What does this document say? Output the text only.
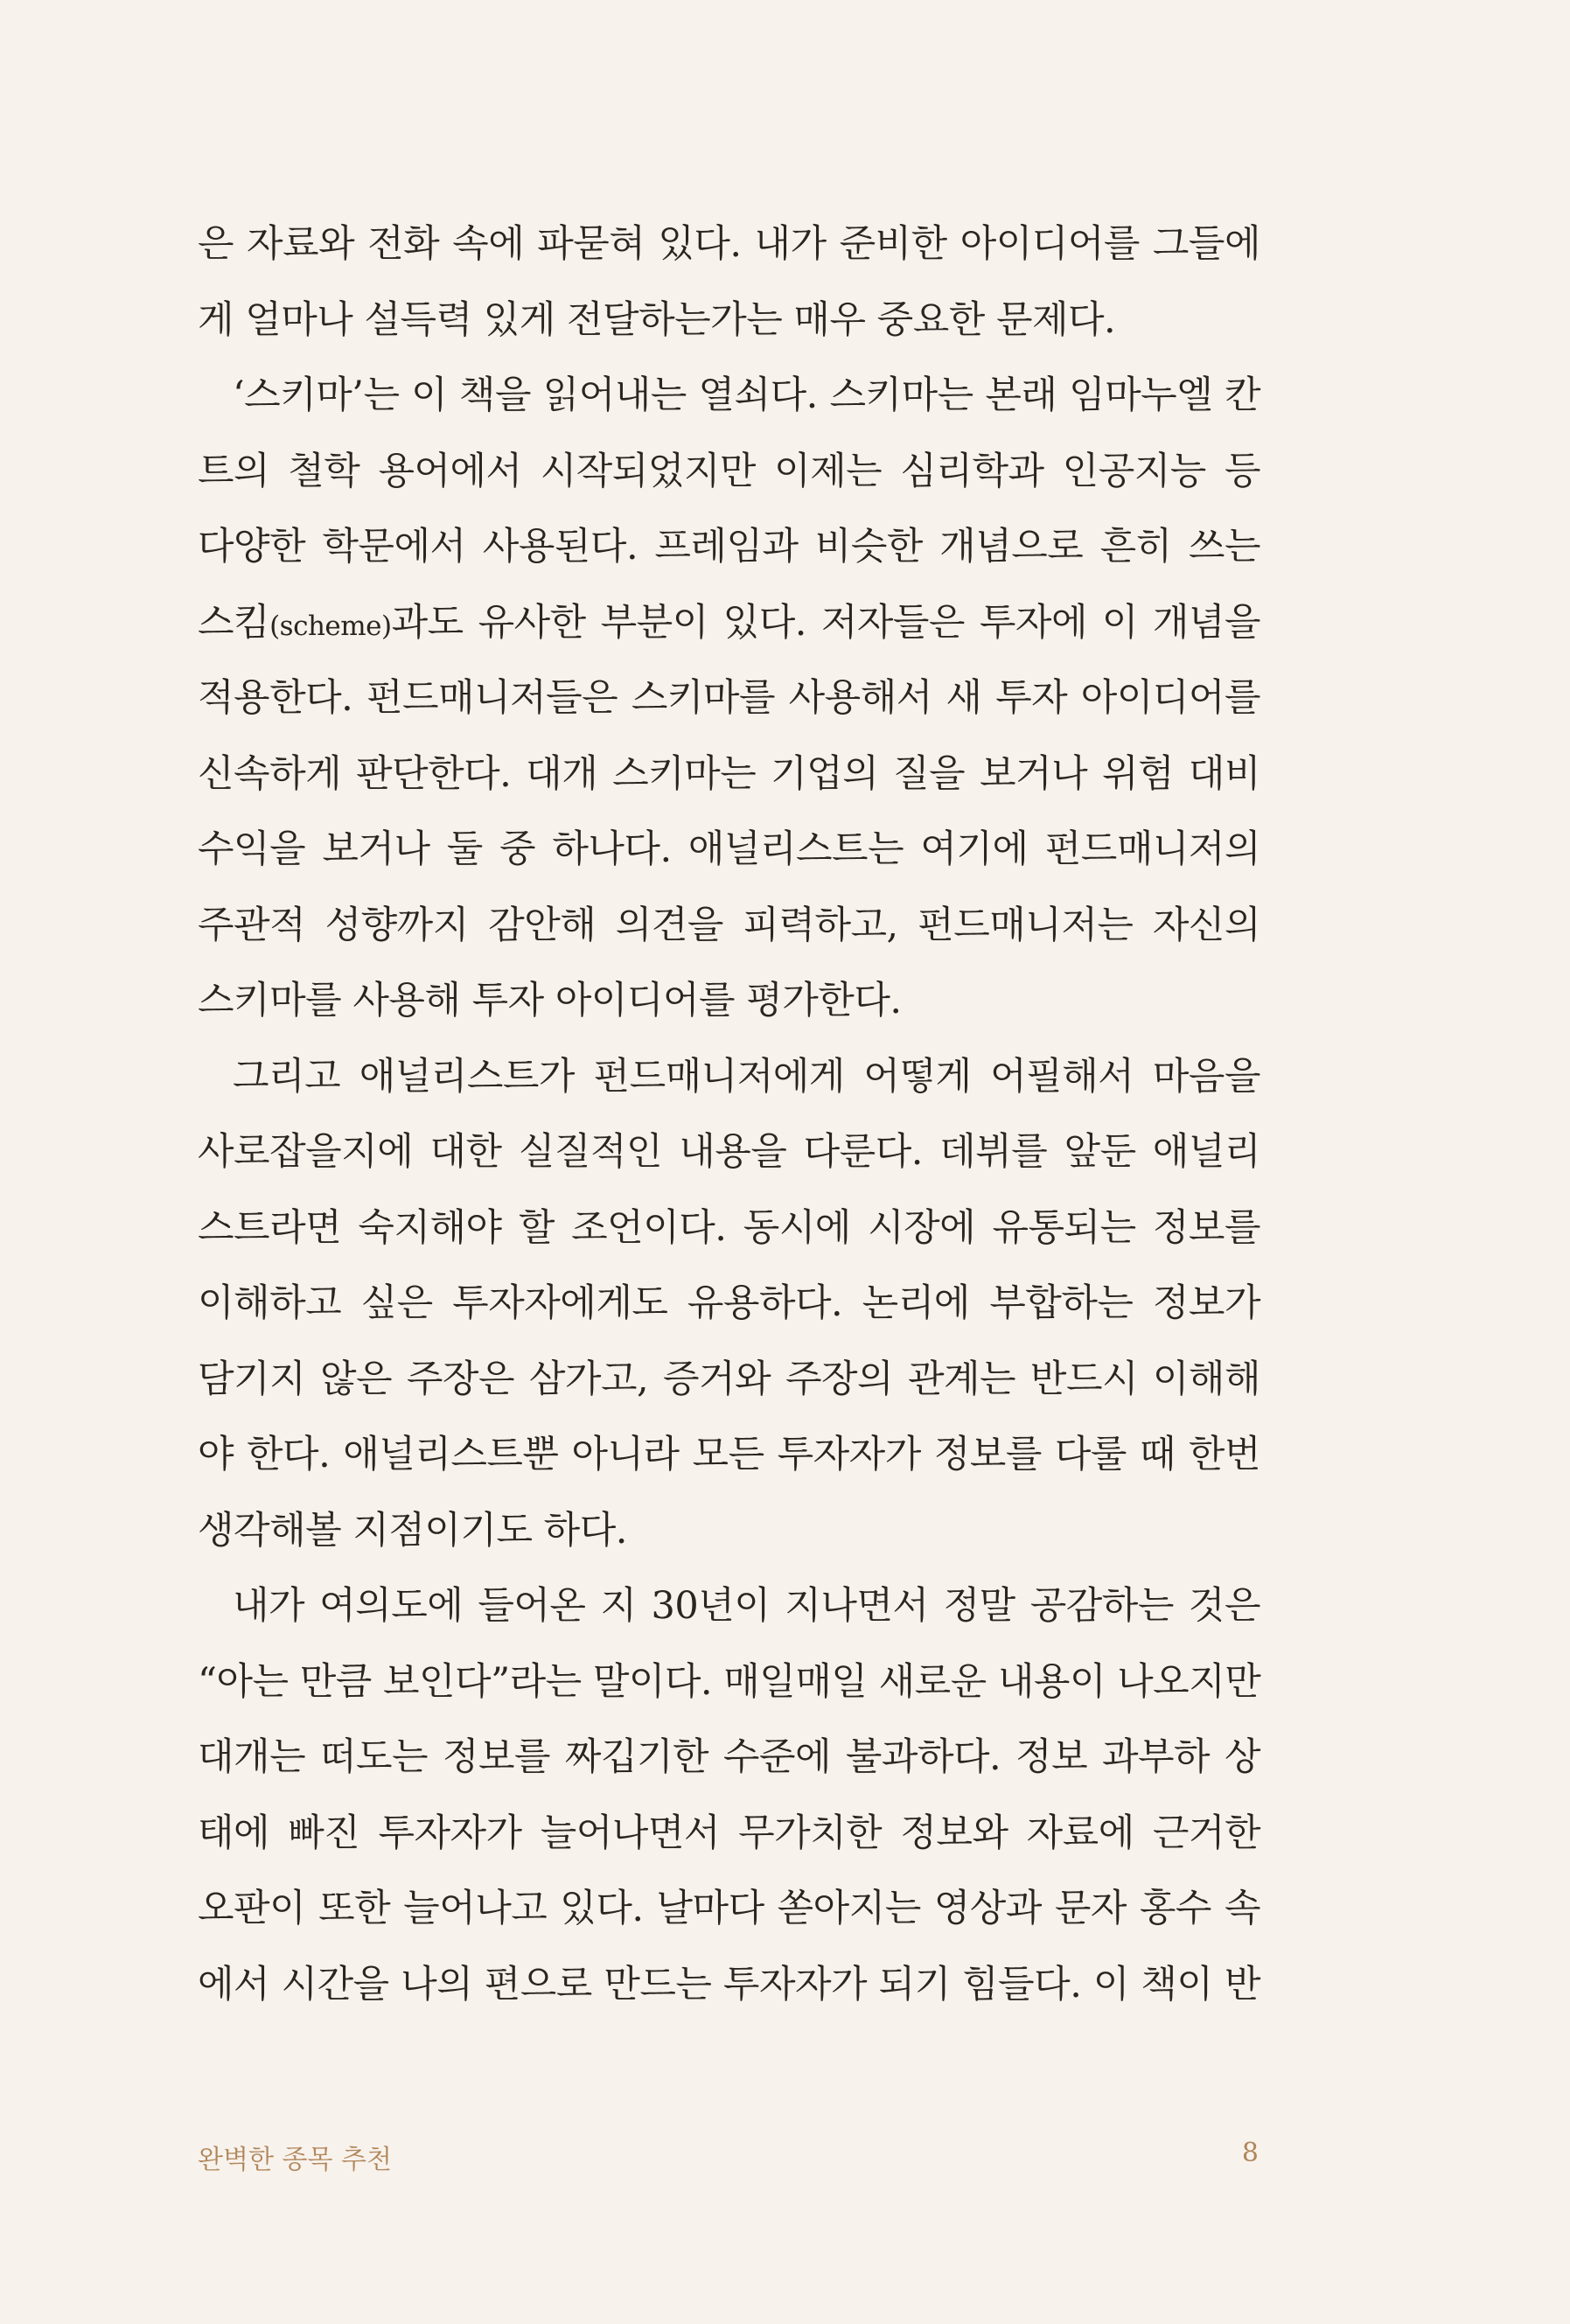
은 자료와 전화 속에 파묻혀 있다. 내가 준비한 아이디어를 그들에
게 얼마나 설득력 있게 전달하는가는 매우 중요한 문제다.
‘스키마’는 이 책을 읽어내는 열쇠다. 스키마는 본래 임마누엘 칸
트의 철학 용어에서 시작되었지만 이제는 심리학과 인공지능 등
다양한 학문에서 사용된다. 프레임과 비슷한 개념으로 흔히 쓰는
스킴(scheme)과도 유사한 부분이 있다. 저자들은 투자에 이 개념을
적용한다. 펀드매니저들은 스키마를 사용해서 새 투자 아이디어를
신속하게 판단한다. 대개 스키마는 기업의 질을 보거나 위험 대비
수익을 보거나 둘 중 하나다. 애널리스트는 여기에 펀드매니저의
주관적 성향까지 감안해 의견을 피력하고, 펀드매니저는 자신의
스키마를 사용해 투자 아이디어를 평가한다.
그리고 애널리스트가 펀드매니저에게 어떻게 어필해서 마음을
사로잡을지에 대한 실질적인 내용을 다룬다. 데뷔를 앞둔 애널리
스트라면 숙지해야 할 조언이다. 동시에 시장에 유통되는 정보를
이해하고 싶은 투자자에게도 유용하다. 논리에 부합하는 정보가
담기지 않은 주장은 삼가고, 증거와 주장의 관계는 반드시 이해해
야 한다. 애널리스트뿐 아니라 모든 투자자가 정보를 다룰 때 한번
생각해볼 지점이기도 하다.
내가 여의도에 들어온 지 30년이 지나면서 정말 공감하는 것은
“아는 만큼 보인다”라는 말이다. 매일매일 새로운 내용이 나오지만
대개는 떠도는 정보를 짜깁기한 수준에 불과하다. 정보 과부하 상
태에 빠진 투자자가 늘어나면서 무가치한 정보와 자료에 근거한
오판이 또한 늘어나고 있다. 날마다 쏟아지는 영상과 문자 홍수 속
에서 시간을 나의 편으로 만드는 투자자가 되기 힘들다. 이 책이 반
완벽한 종목 추천	8
